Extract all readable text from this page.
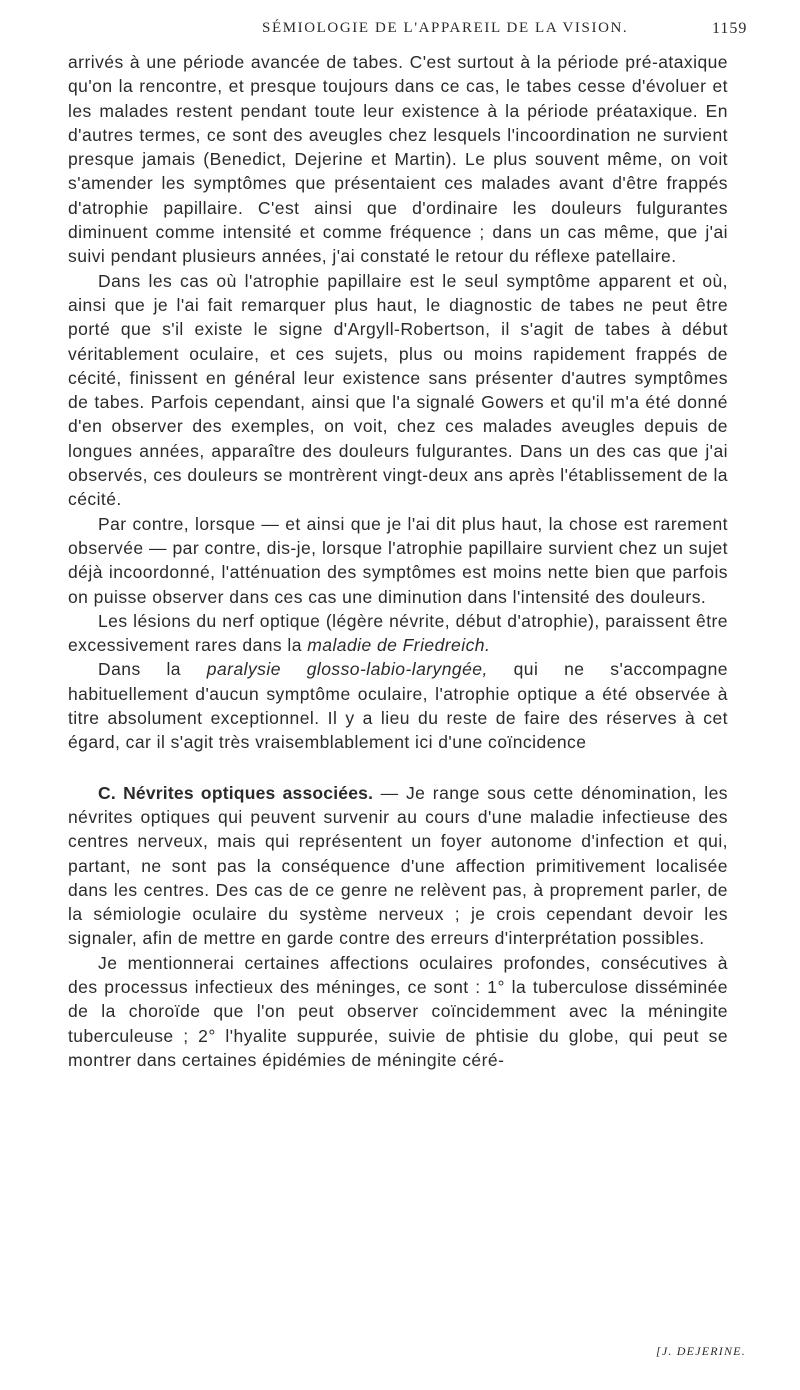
SÉMIOLOGIE DE L'APPAREIL DE LA VISION.	1159

arrivés à une période avancée de tabes. C'est surtout à la période pré-ataxique qu'on la rencontre, et presque toujours dans ce cas, le tabes cesse d'évoluer et les malades restent pendant toute leur existence à la période préataxique. En d'autres termes, ce sont des aveugles chez lesquels l'incoordination ne survient presque jamais (Benedict, Dejerine et Martin). Le plus souvent même, on voit s'amender les symptômes que présentaient ces malades avant d'être frappés d'atrophie papillaire. C'est ainsi que d'ordinaire les douleurs fulgurantes diminuent comme intensité et comme fréquence ; dans un cas même, que j'ai suivi pendant plusieurs années, j'ai constaté le retour du réflexe patellaire.

Dans les cas où l'atrophie papillaire est le seul symptôme apparent et où, ainsi que je l'ai fait remarquer plus haut, le diagnostic de tabes ne peut être porté que s'il existe le signe d'Argyll-Robertson, il s'agit de tabes à début véritablement oculaire, et ces sujets, plus ou moins rapidement frappés de cécité, finissent en général leur existence sans présenter d'autres symptômes de tabes. Parfois cependant, ainsi que l'a signalé Gowers et qu'il m'a été donné d'en observer des exemples, on voit, chez ces malades aveugles depuis de longues années, apparaître des douleurs fulgurantes. Dans un des cas que j'ai observés, ces douleurs se montrèrent vingt-deux ans après l'établissement de la cécité.

Par contre, lorsque — et ainsi que je l'ai dit plus haut, la chose est rarement observée — par contre, dis-je, lorsque l'atrophie papillaire survient chez un sujet déjà incoordonné, l'atténuation des symptômes est moins nette bien que parfois on puisse observer dans ces cas une diminution dans l'intensité des douleurs.

Les lésions du nerf optique (légère névrite, début d'atrophie), paraissent être excessivement rares dans la maladie de Friedreich.

Dans la paralysie glosso-labio-laryngée, qui ne s'accompagne habituellement d'aucun symptôme oculaire, l'atrophie optique a été observée à titre absolument exceptionnel. Il y a lieu du reste de faire des réserves à cet égard, car il s'agit très vraisemblablement ici d'une coïncidence

C. Névrites optiques associées. — Je range sous cette dénomination, les névrites optiques qui peuvent survenir au cours d'une maladie infectieuse des centres nerveux, mais qui représentent un foyer autonome d'infection et qui, partant, ne sont pas la conséquence d'une affection primitivement localisée dans les centres. Des cas de ce genre ne relèvent pas, à proprement parler, de la sémiologie oculaire du système nerveux ; je crois cependant devoir les signaler, afin de mettre en garde contre des erreurs d'interprétation possibles.

Je mentionnerai certaines affections oculaires profondes, consécutives à des processus infectieux des méninges, ce sont : 1° la tuberculose disséminée de la choroïde que l'on peut observer coïncidemment avec la méningite tuberculeuse ; 2° l'hyalite suppurée, suivie de phtisie du globe, qui peut se montrer dans certaines épidémies de méningite céré-

[J. DEJERINE.
